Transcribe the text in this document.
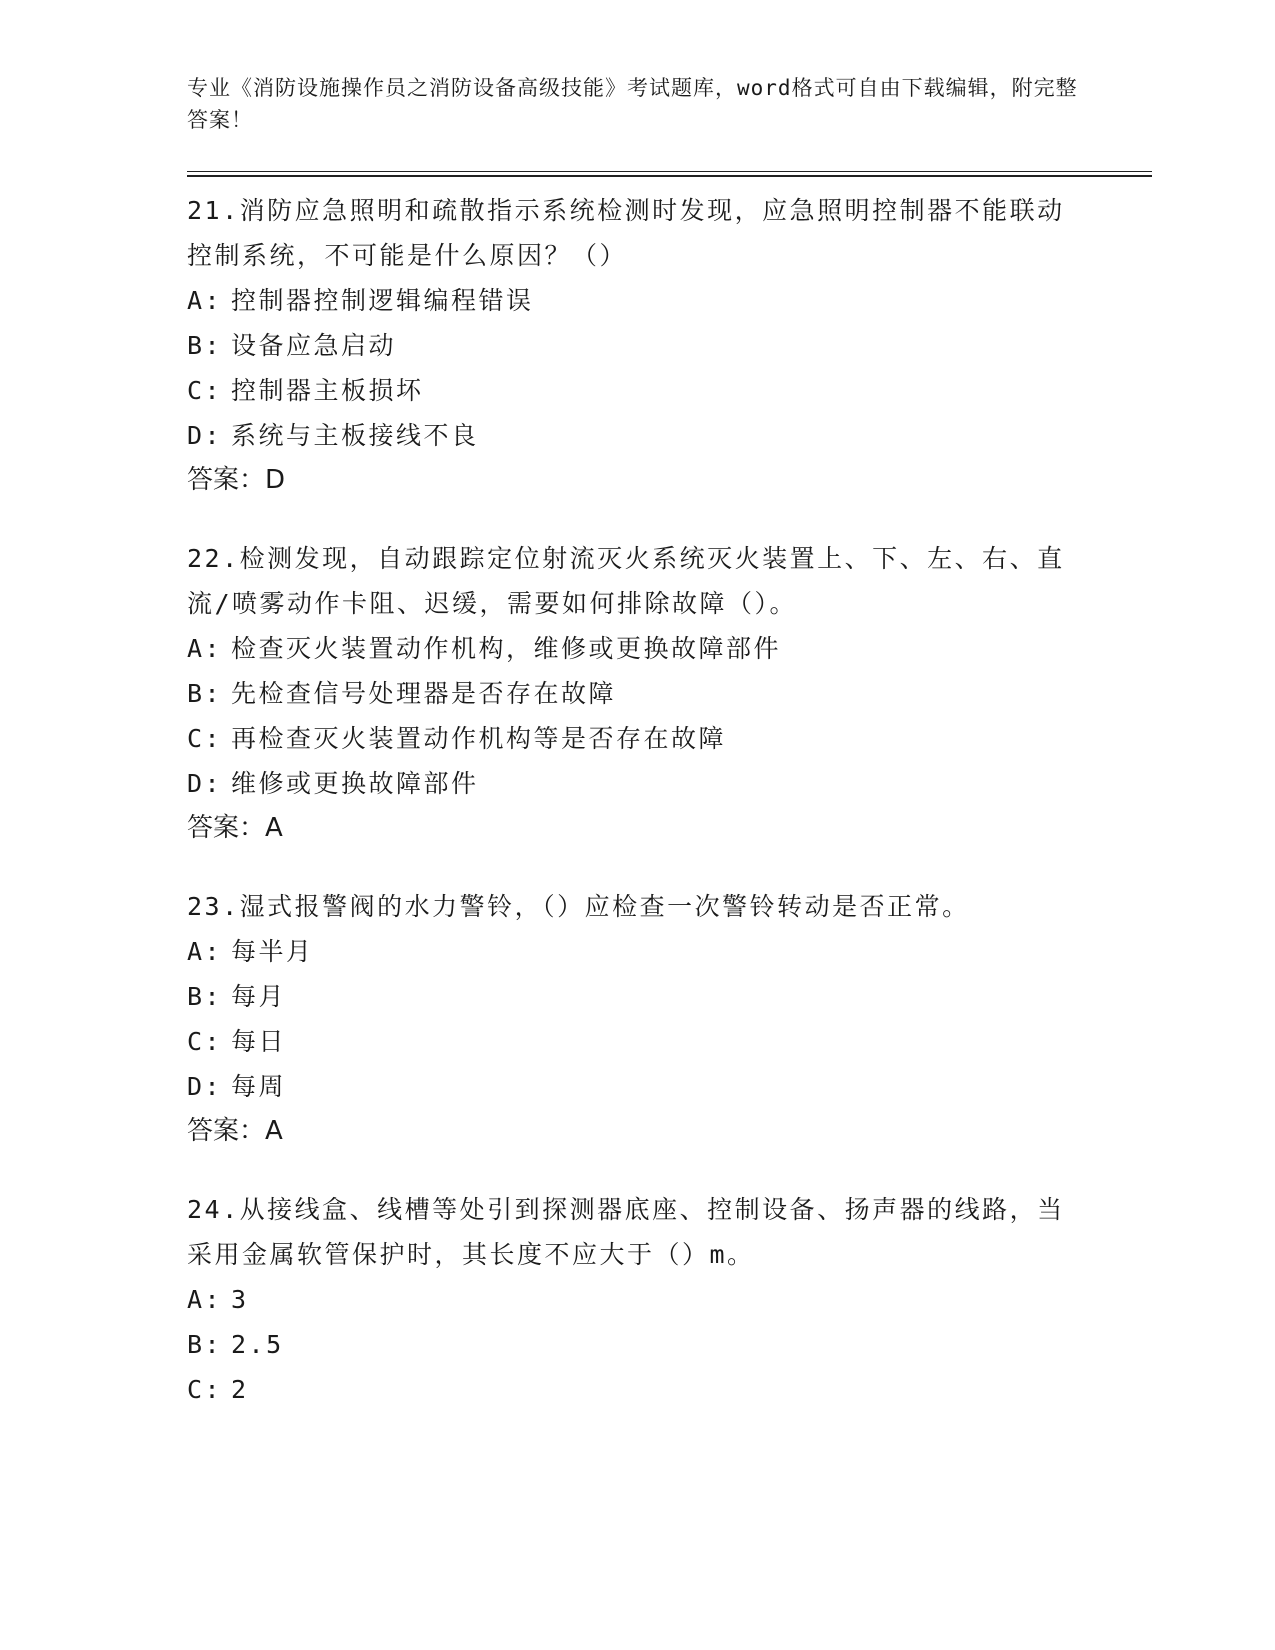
专业《消防设施操作员之消防设备高级技能》考试题库，word格式可自由下载编辑，附完整答案！
21.消防应急照明和疏散指示系统检测时发现，应急照明控制器不能联动控制系统，不可能是什么原因？（）
A: 控制器控制逻辑编程错误
B: 设备应急启动
C: 控制器主板损坏
D: 系统与主板接线不良
答案：D
22.检测发现，自动跟踪定位射流灭火系统灭火装置上、下、左、右、直流/喷雾动作卡阻、迟缓，需要如何排除故障（）。
A: 检查灭火装置动作机构，维修或更换故障部件
B: 先检查信号处理器是否存在故障
C: 再检查灭火装置动作机构等是否存在故障
D: 维修或更换故障部件
答案：A
23.湿式报警阀的水力警铃，（）应检查一次警铃转动是否正常。
A: 每半月
B: 每月
C: 每日
D: 每周
答案：A
24.从接线盒、线槽等处引到探测器底座、控制设备、扬声器的线路，当采用金属软管保护时，其长度不应大于（）m。
A: 3
B: 2.5
C: 2
